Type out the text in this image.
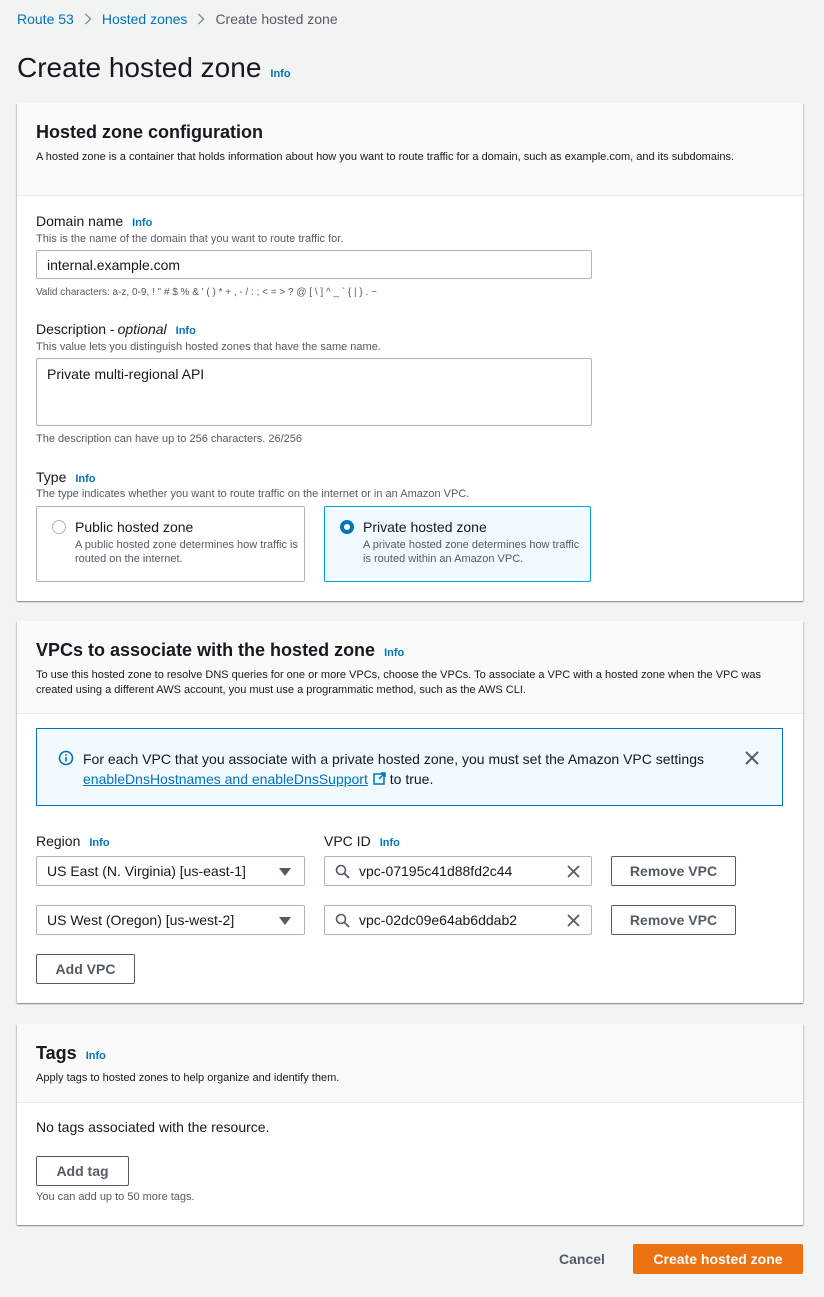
Route 53 Hosted zones Create hosted zone
Create hosted zone Info
Hosted zone configuration
A hosted zone is a container that holds information about how you want to route traffic for a domain, such as example.com, and its subdomains.
Domain name Info
This is the name of the domain that you want to route traffic for.
internal.example.com
Valid characters: a-z, 0-9, ! " # $ % & ' ( ) * + , - / : ; < = > ? @ [ \ ] ^ _ ` { | } . ~
Description - optional Info
This value lets you distinguish hosted zones that have the same name.
Private multi-regional API
The description can have up to 256 characters. 26/256
Type Info
The type indicates whether you want to route traffic on the internet or in an Amazon VPC.
Public hosted zone
A public hosted zone determines how traffic is routed on the internet.
Private hosted zone
A private hosted zone determines how traffic is routed within an Amazon VPC.
VPCs to associate with the hosted zone Info
To use this hosted zone to resolve DNS queries for one or more VPCs, choose the VPCs. To associate a VPC with a hosted zone when the VPC was created using a different AWS account, you must use a programmatic method, such as the AWS CLI.
For each VPC that you associate with a private hosted zone, you must set the Amazon VPC settings enableDnsHostnames and enableDnsSupport to true.
Region Info	VPC ID Info
US East (N. Virginia) [us-east-1]	vpc-07195c41d88fd2c44	Remove VPC
US West (Oregon) [us-west-2]	vpc-02dc09e64ab6ddab2	Remove VPC
Add VPC
Tags Info
Apply tags to hosted zones to help organize and identify them.
No tags associated with the resource.
Add tag
You can add up to 50 more tags.
Cancel	Create hosted zone
